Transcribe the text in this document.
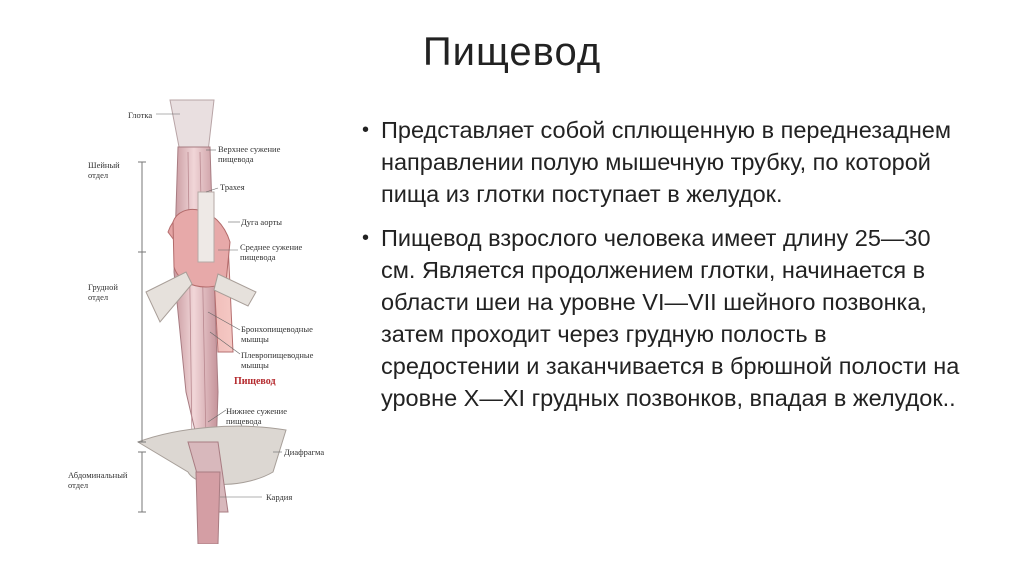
Пищевод
Глотка
Верхнее сужение
пищевода
Шейный
отдел
Трахея
Дуга аорты
Среднее сужение
пищевода
Грудной
отдел
Бронхопищеводные
мышцы
Плевропищеводные
мышцы
Пищевод
Нижнее сужение
пищевода
Диафрагма
Абдоминальный
отдел
Кардия
• Представляет собой сплющенную в переднезаднем направлении полую мышечную трубку, по которой пища из глотки поступает в желудок.
• Пищевод взрослого человека имеет длину 25—30 см. Является продолжением глотки, начинается в области шеи на уровне VI—VII шейного позвонка, затем проходит через грудную полость в средостении и заканчивается в брюшной полости на уровне X—XI грудных позвонков, впадая в желудок..
